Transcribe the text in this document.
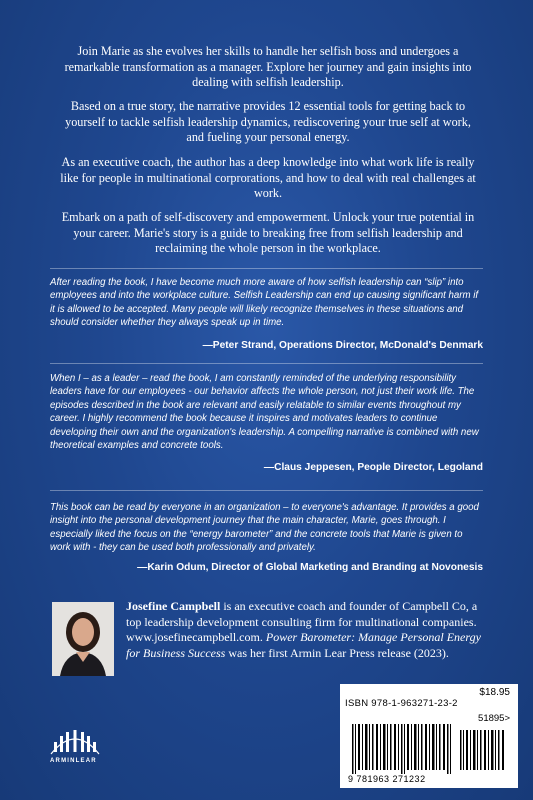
Join Marie as she evolves her skills to handle her selfish boss and undergoes a remarkable transformation as a manager. Explore her journey and gain insights into dealing with selfish leadership.

Based on a true story, the narrative provides 12 essential tools for getting back to yourself to tackle selfish leadership dynamics, rediscovering your true self at work, and fueling your personal energy.

As an executive coach, the author has a deep knowledge into what work life is really like for people in multinational corprorations, and how to deal with real challenges at work.

Embark on a path of self-discovery and empowerment. Unlock your true potential in your career. Marie's story is a guide to breaking free from selfish leadership and reclaiming the whole person in the workplace.

After reading the book, I have become much more aware of how selfish leadership can “slip” into employees and into the workplace culture. Selfish Leadership can end up causing significant harm if it is allowed to be accepted. Many people will likely recognize themselves in these situations and should consider whether they always speak up in time.

—Peter Strand, Operations Director, McDonald's Denmark

When I – as a leader – read the book, I am constantly reminded of the underlying responsibility leaders have for our employees - our behavior affects the whole person, not just their work life. The episodes described in the book are relevant and easily relatable to similar events throughout my career. I highly recommend the book because it inspires and motivates leaders to continue developing their own and the organization's leadership. A compelling narrative is combined with new theoretical examples and concrete tools.

—Claus Jeppesen, People Director, Legoland

This book can be read by everyone in an organization – to everyone's advantage. It provides a good insight into the personal development journey that the main character, Marie, goes through. I especially liked the focus on the “energy barometer” and the concrete tools that Marie is given to work with - they can be used both professionally and privately.

—Karin Odum, Director of Global Marketing and Branding at Novonesis

Josefine Campbell is an executive coach and founder of Campbell Co, a top leadership development consulting firm for multinational companies. www.josefinecampbell.com. Power Barometer: Manage Personal Energy for Business Success was her first Armin Lear Press release (2023).

ARMINLEAR
$18.95
ISBN 978-1-963271-23-2
51895>
9 781963 271232
